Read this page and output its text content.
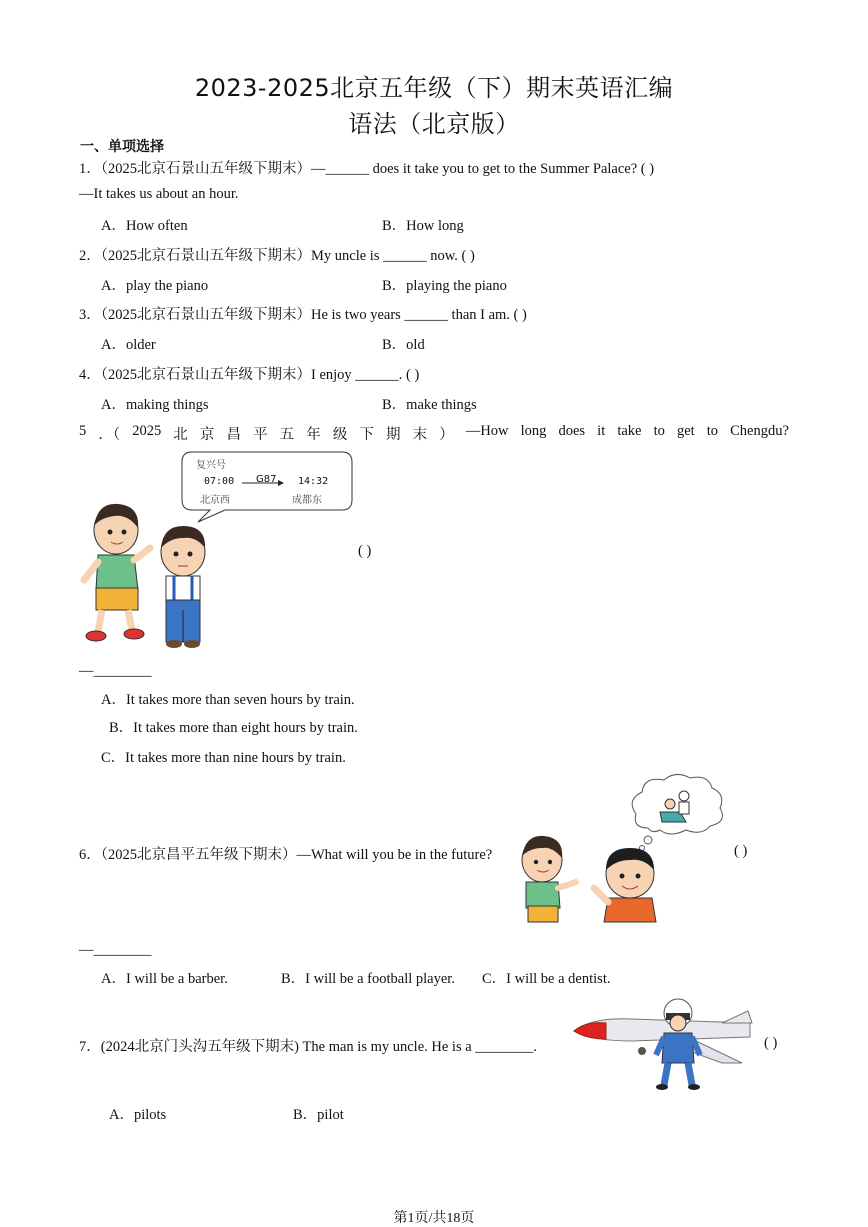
2023-2025北京五年级（下）期末英语汇编
语法（北京版）
一、单项选择
1．（2025北京石景山五年级下期末）—______ does it take you to get to the Summer Palace? ( )
—It takes us about an hour.
A．How often	B．How long
2．（2025北京石景山五年级下期末）My uncle is ______ now. ( )
A．play the piano	B．playing the piano
3．（2025北京石景山五年级下期末）He is two years ______ than I am. ( )
A．older	B．old
4．（2025北京石景山五年级下期末）I enjoy ______. ( )
A．making things	B．make things
5 ．（ 2025 北 京 昌 平 五 年 级 下 期 末 ） —How long does it take to get to Chengdu?
复兴号
07:00 G87 14:32
北京西	成都东
( )
—________
A．It takes more than seven hours by train.
B．It takes more than eight hours by train.
C．It takes more than nine hours by train.
6．（2025北京昌平五年级下期末）—What will you be in the future?	( )
—________
A．I will be a barber.	B．I will be a football player. C．I will be a dentist.
7．(2024北京门头沟五年级下期末) The man is my uncle. He is a ________.	( )
A．pilots	B．pilot
第1页/共18页
